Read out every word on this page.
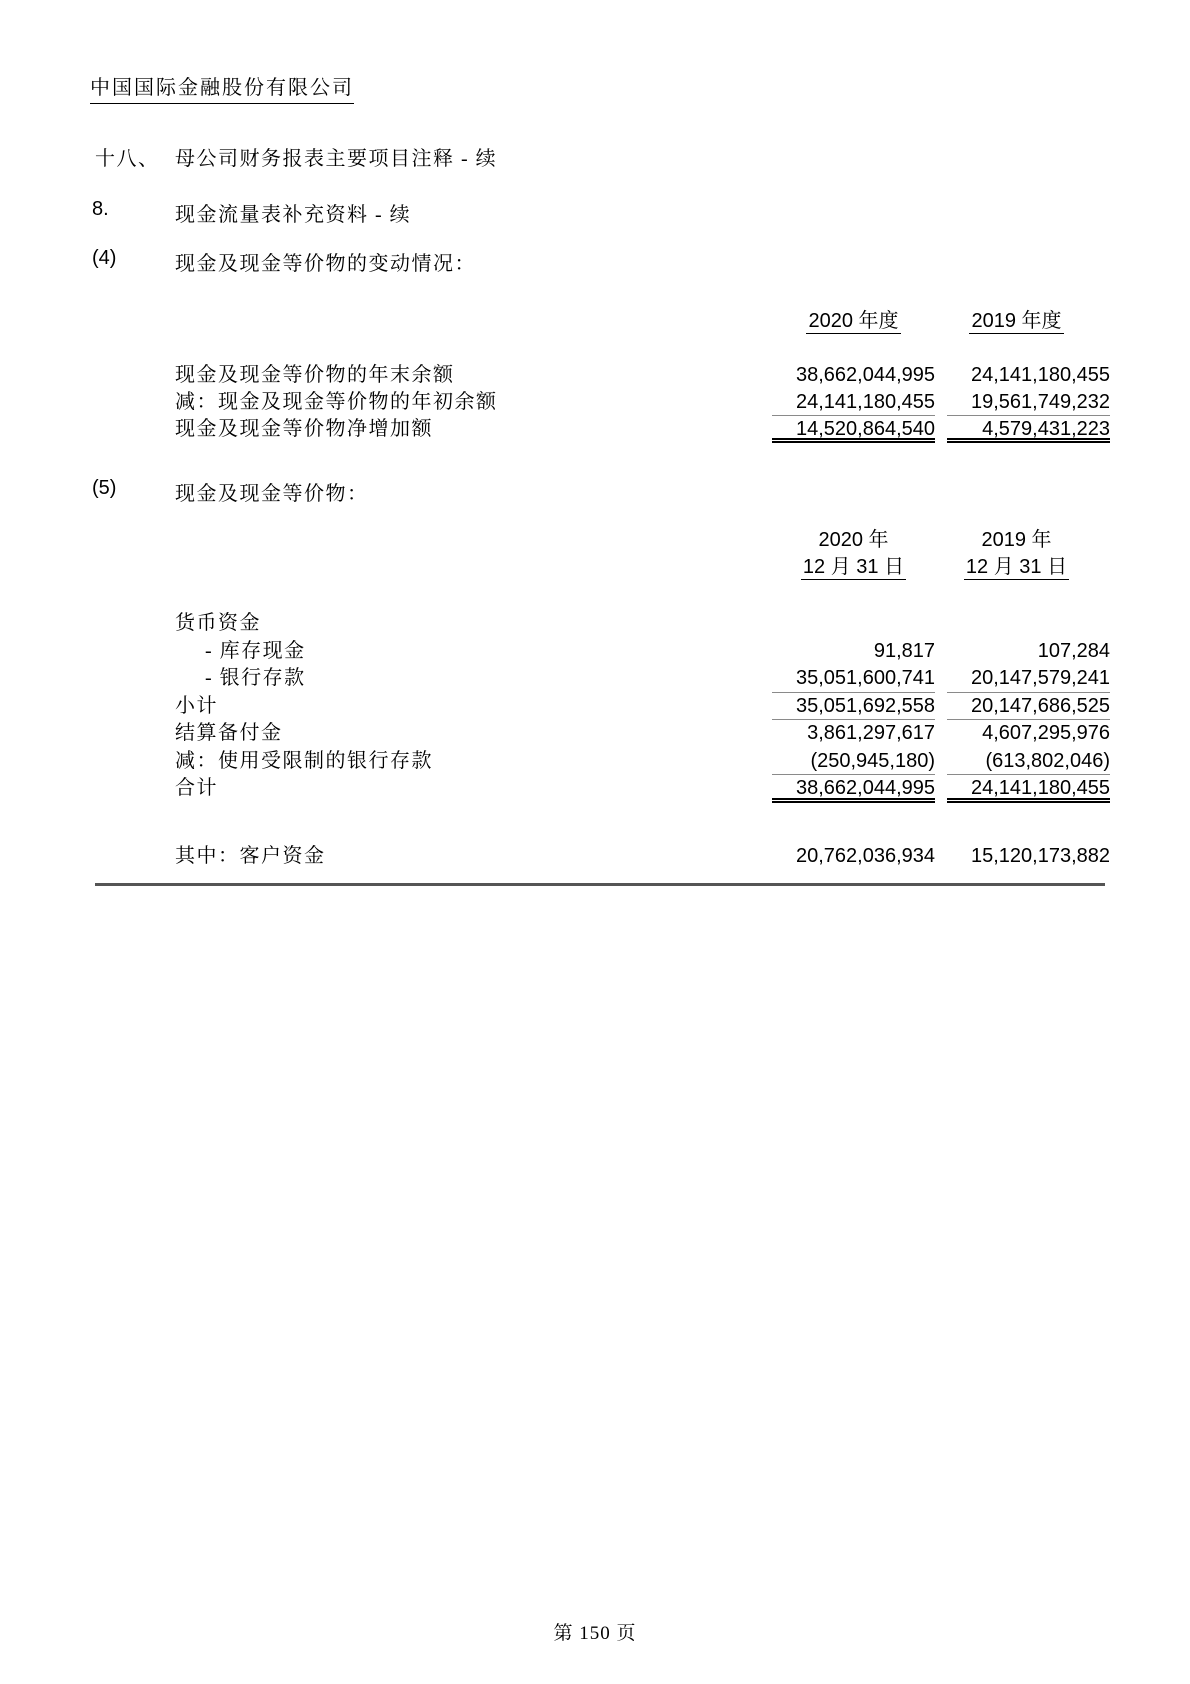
中国国际金融股份有限公司
十八、 母公司财务报表主要项目注释 - 续
8.	现金流量表补充资料 - 续
(4)	现金及现金等价物的变动情况：
2020 年度	2019 年度
现金及现金等价物的年末余额	38,662,044,995	24,141,180,455
减：现金及现金等价物的年初余额	24,141,180,455	19,561,749,232
现金及现金等价物净增加额	14,520,864,540	4,579,431,223
(5)	现金及现金等价物：
2020 年	2019 年
12 月 31 日	12 月 31 日
货币资金
- 库存现金	91,817	107,284
- 银行存款	35,051,600,741	20,147,579,241
小计	35,051,692,558	20,147,686,525
结算备付金	3,861,297,617	4,607,295,976
减：使用受限制的银行存款	(250,945,180)	(613,802,046)
合计	38,662,044,995	24,141,180,455
其中：客户资金	20,762,036,934	15,120,173,882
第 150 页
